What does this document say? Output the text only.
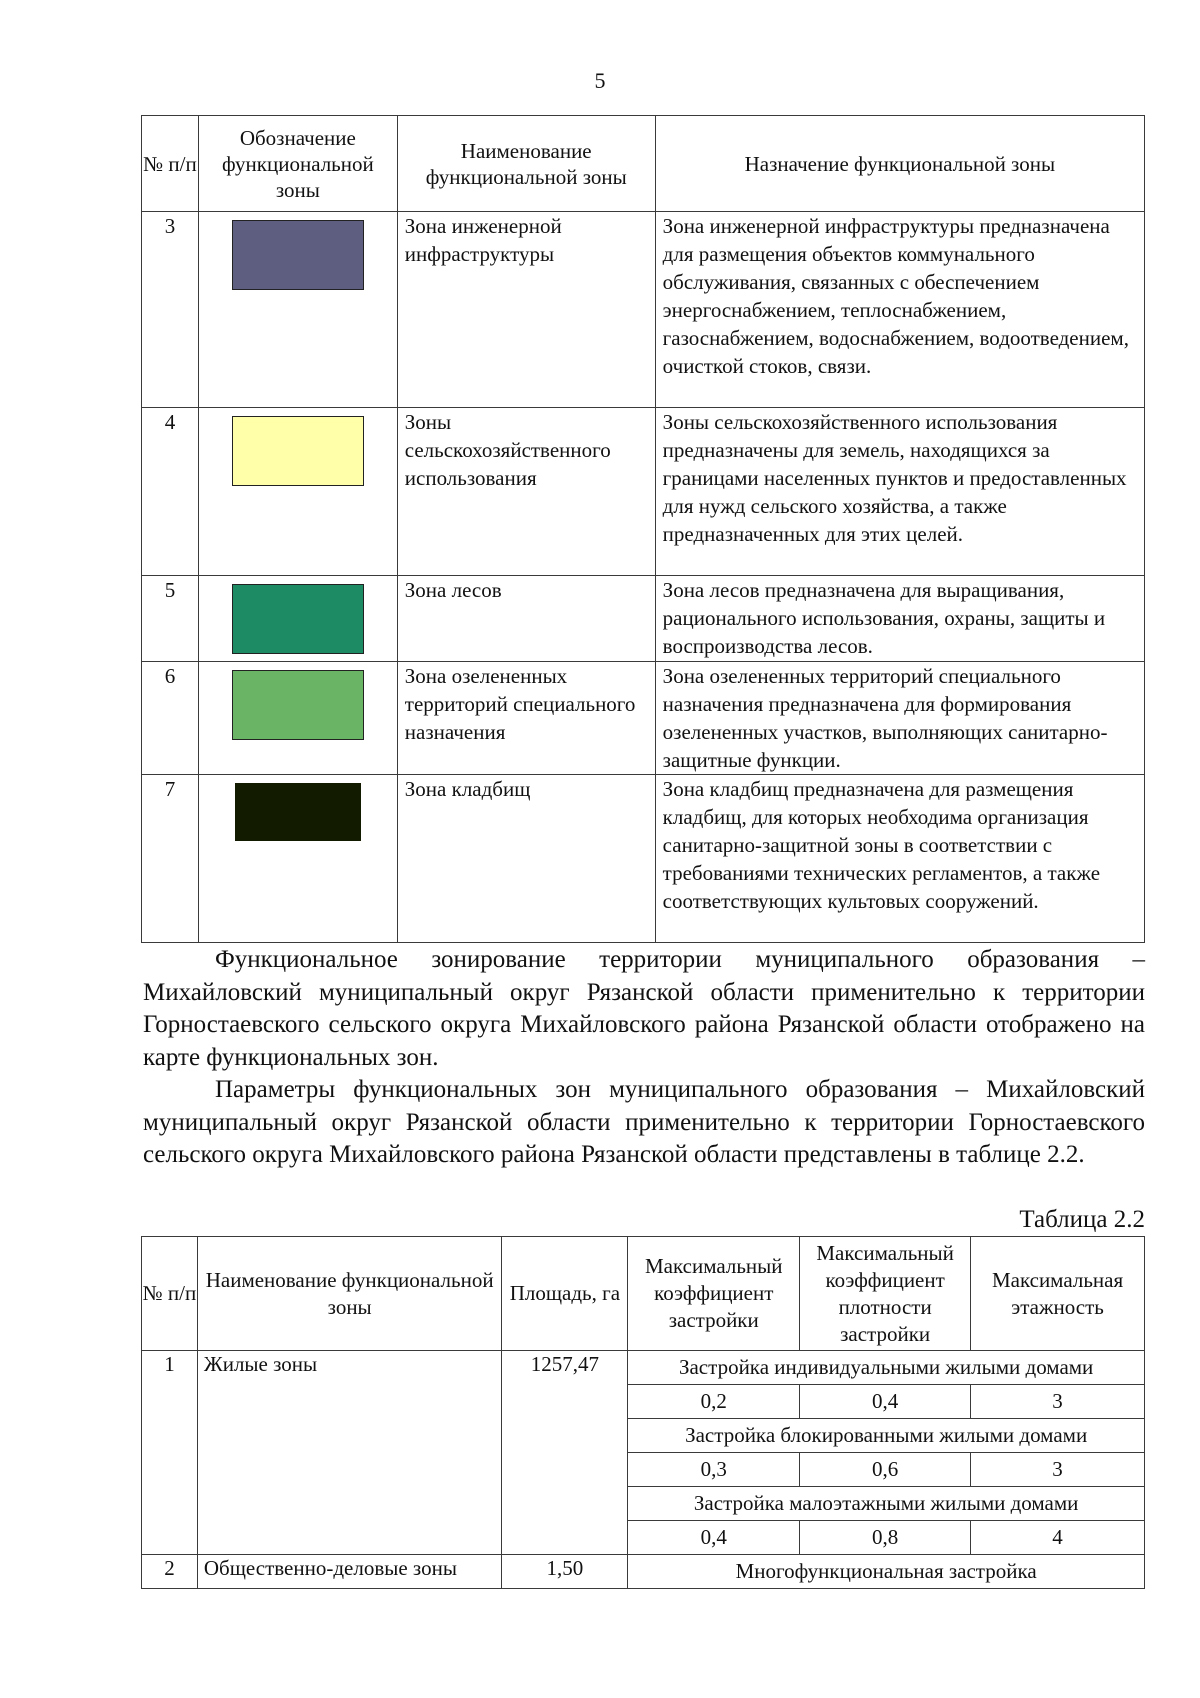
5
№ п/п	Обозначение функциональной зоны	Наименование функциональной зоны	Назначение функциональной зоны
3		Зона инженерной инфраструктуры	Зона инженерной инфраструктуры предназначена для размещения объектов коммунального обслуживания, связанных с обеспечением энергоснабжением, теплоснабжением, газоснабжением, водоснабжением, водоотведением, очисткой стоков, связи.
4		Зоны сельскохозяйственного использования	Зоны сельскохозяйственного использования предназначены для земель, находящихся за границами населенных пунктов и предоставленных для нужд сельского хозяйства, а также предназначенных для этих целей.
5		Зона лесов	Зона лесов предназначена для выращивания, рационального использования, охраны, защиты и воспроизводства лесов.
6		Зона озелененных территорий специального назначения	Зона озелененных территорий специального назначения предназначена для формирования озелененных участков, выполняющих санитарно-защитные функции.
7		Зона кладбищ	Зона кладбищ предназначена для размещения кладбищ, для которых необходима организация санитарно-защитной зоны в соответствии с требованиями технических регламентов, а также соответствующих культовых сооружений.

Функциональное зонирование территории муниципального образования – Михайловский муниципальный округ Рязанской области применительно к территории Горностаевского сельского округа Михайловского района Рязанской области отображено на карте функциональных зон.

Параметры функциональных зон муниципального образования – Михайловский муниципальный округ Рязанской области применительно к территории Горностаевского сельского округа Михайловского района Рязанской области представлены в таблице 2.2.

Таблица 2.2
№ п/п	Наименование функциональной зоны	Площадь, га	Максимальный коэффициент застройки	Максимальный коэффициент плотности застройки	Максимальная этажность
1	Жилые зоны	1257,47	Застройка индивидуальными жилыми домами		
			0,2	0,4	3
			Застройка блокированными жилыми домами		
			0,3	0,6	3
			Застройка малоэтажными жилыми домами		
			0,4	0,8	4
2	Общественно-деловые зоны	1,50	Многофункциональная застройка		
